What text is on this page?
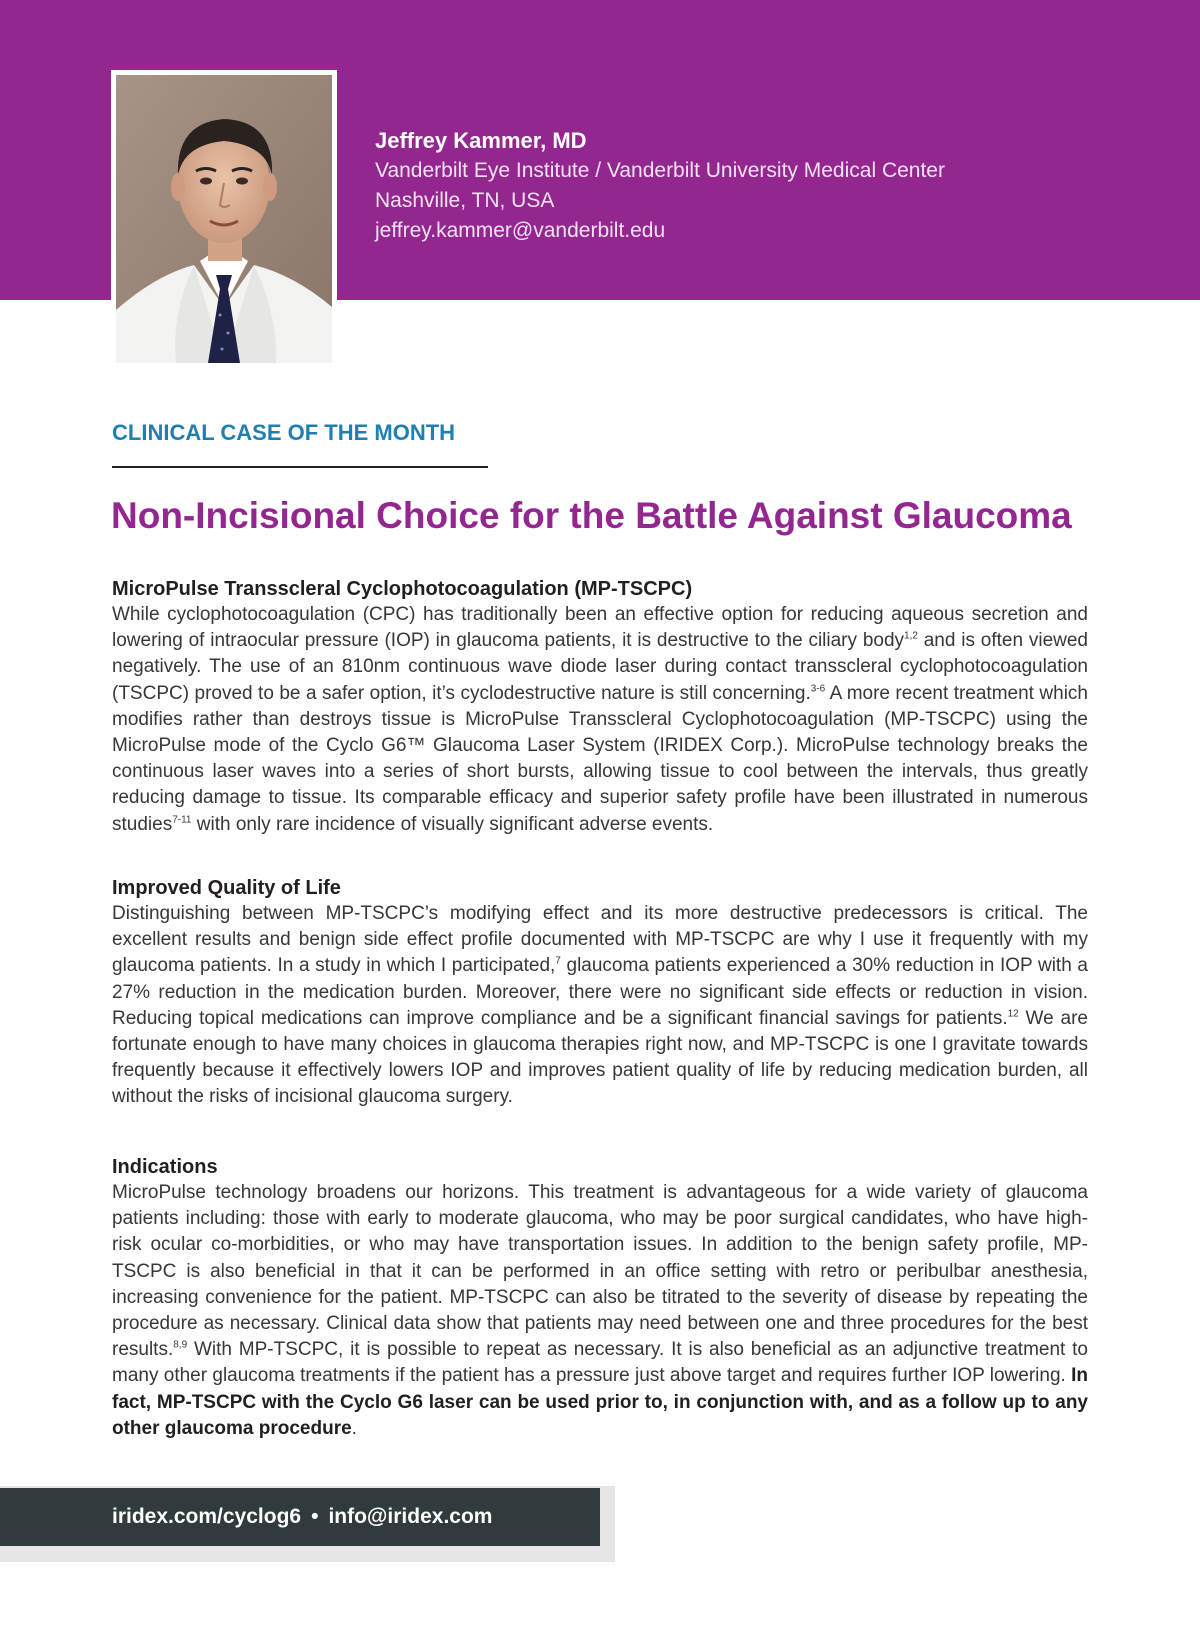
Jeffrey Kammer, MD
Vanderbilt Eye Institute / Vanderbilt University Medical Center
Nashville, TN, USA
jeffrey.kammer@vanderbilt.edu
CLINICAL CASE OF THE MONTH
Non-Incisional Choice for the Battle Against Glaucoma
MicroPulse Transscleral Cyclophotocoagulation (MP-TSCPC)

While cyclophotocoagulation (CPC) has traditionally been an effective option for reducing aqueous secretion and lowering of intraocular pressure (IOP) in glaucoma patients, it is destructive to the ciliary body$^{1,2}$ and is often viewed negatively. The use of an 810nm continuous wave diode laser during contact transscleral cyclophotocoagulation (TSCPC) proved to be a safer option, it’s cyclodestructive nature is still concerning.$^{3-6}$ A more recent treatment which modifies rather than destroys tissue is MicroPulse Transscleral Cyclophotocoagulation (MP-TSCPC) using the MicroPulse mode of the Cyclo G6™ Glaucoma Laser System (IRIDEX Corp.). MicroPulse technology breaks the continuous laser waves into a series of short bursts, allowing tissue to cool between the intervals, thus greatly reducing damage to tissue. Its comparable efficacy and superior safety profile have been illustrated in numerous studies$^{7-11}$ with only rare incidence of visually significant adverse events.

Improved Quality of Life

Distinguishing between MP-TSCPC’s modifying effect and its more destructive predecessors is critical. The excellent results and benign side effect profile documented with MP-TSCPC are why I use it frequently with my glaucoma patients. In a study in which I participated,$^7$ glaucoma patients experienced a 30% reduction in IOP with a 27% reduction in the medication burden. Moreover, there were no significant side effects or reduction in vision. Reducing topical medications can improve compliance and be a significant financial savings for patients.$^{12}$ We are fortunate enough to have many choices in glaucoma therapies right now, and MP-TSCPC is one I gravitate towards frequently because it effectively lowers IOP and improves patient quality of life by reducing medication burden, all without the risks of incisional glaucoma surgery.

Indications

MicroPulse technology broadens our horizons. This treatment is advantageous for a wide variety of glaucoma patients including: those with early to moderate glaucoma, who may be poor surgical candidates, who have high-risk ocular co-morbidities, or who may have transportation issues. In addition to the benign safety profile, MP-TSCPC is also beneficial in that it can be performed in an office setting with retro or peribulbar anesthesia, increasing convenience for the patient. MP-TSCPC can also be titrated to the severity of disease by repeating the procedure as necessary. Clinical data show that patients may need between one and three procedures for the best results.$^{8,9}$ With MP-TSCPC, it is possible to repeat as necessary. It is also beneficial as an adjunctive treatment to many other glaucoma treatments if the patient has a pressure just above target and requires further IOP lowering. In fact, MP-TSCPC with the Cyclo G6 laser can be used prior to, in conjunction with, and as a follow up to any other glaucoma procedure.

iridex.com/cyclog6 • info@iridex.com
